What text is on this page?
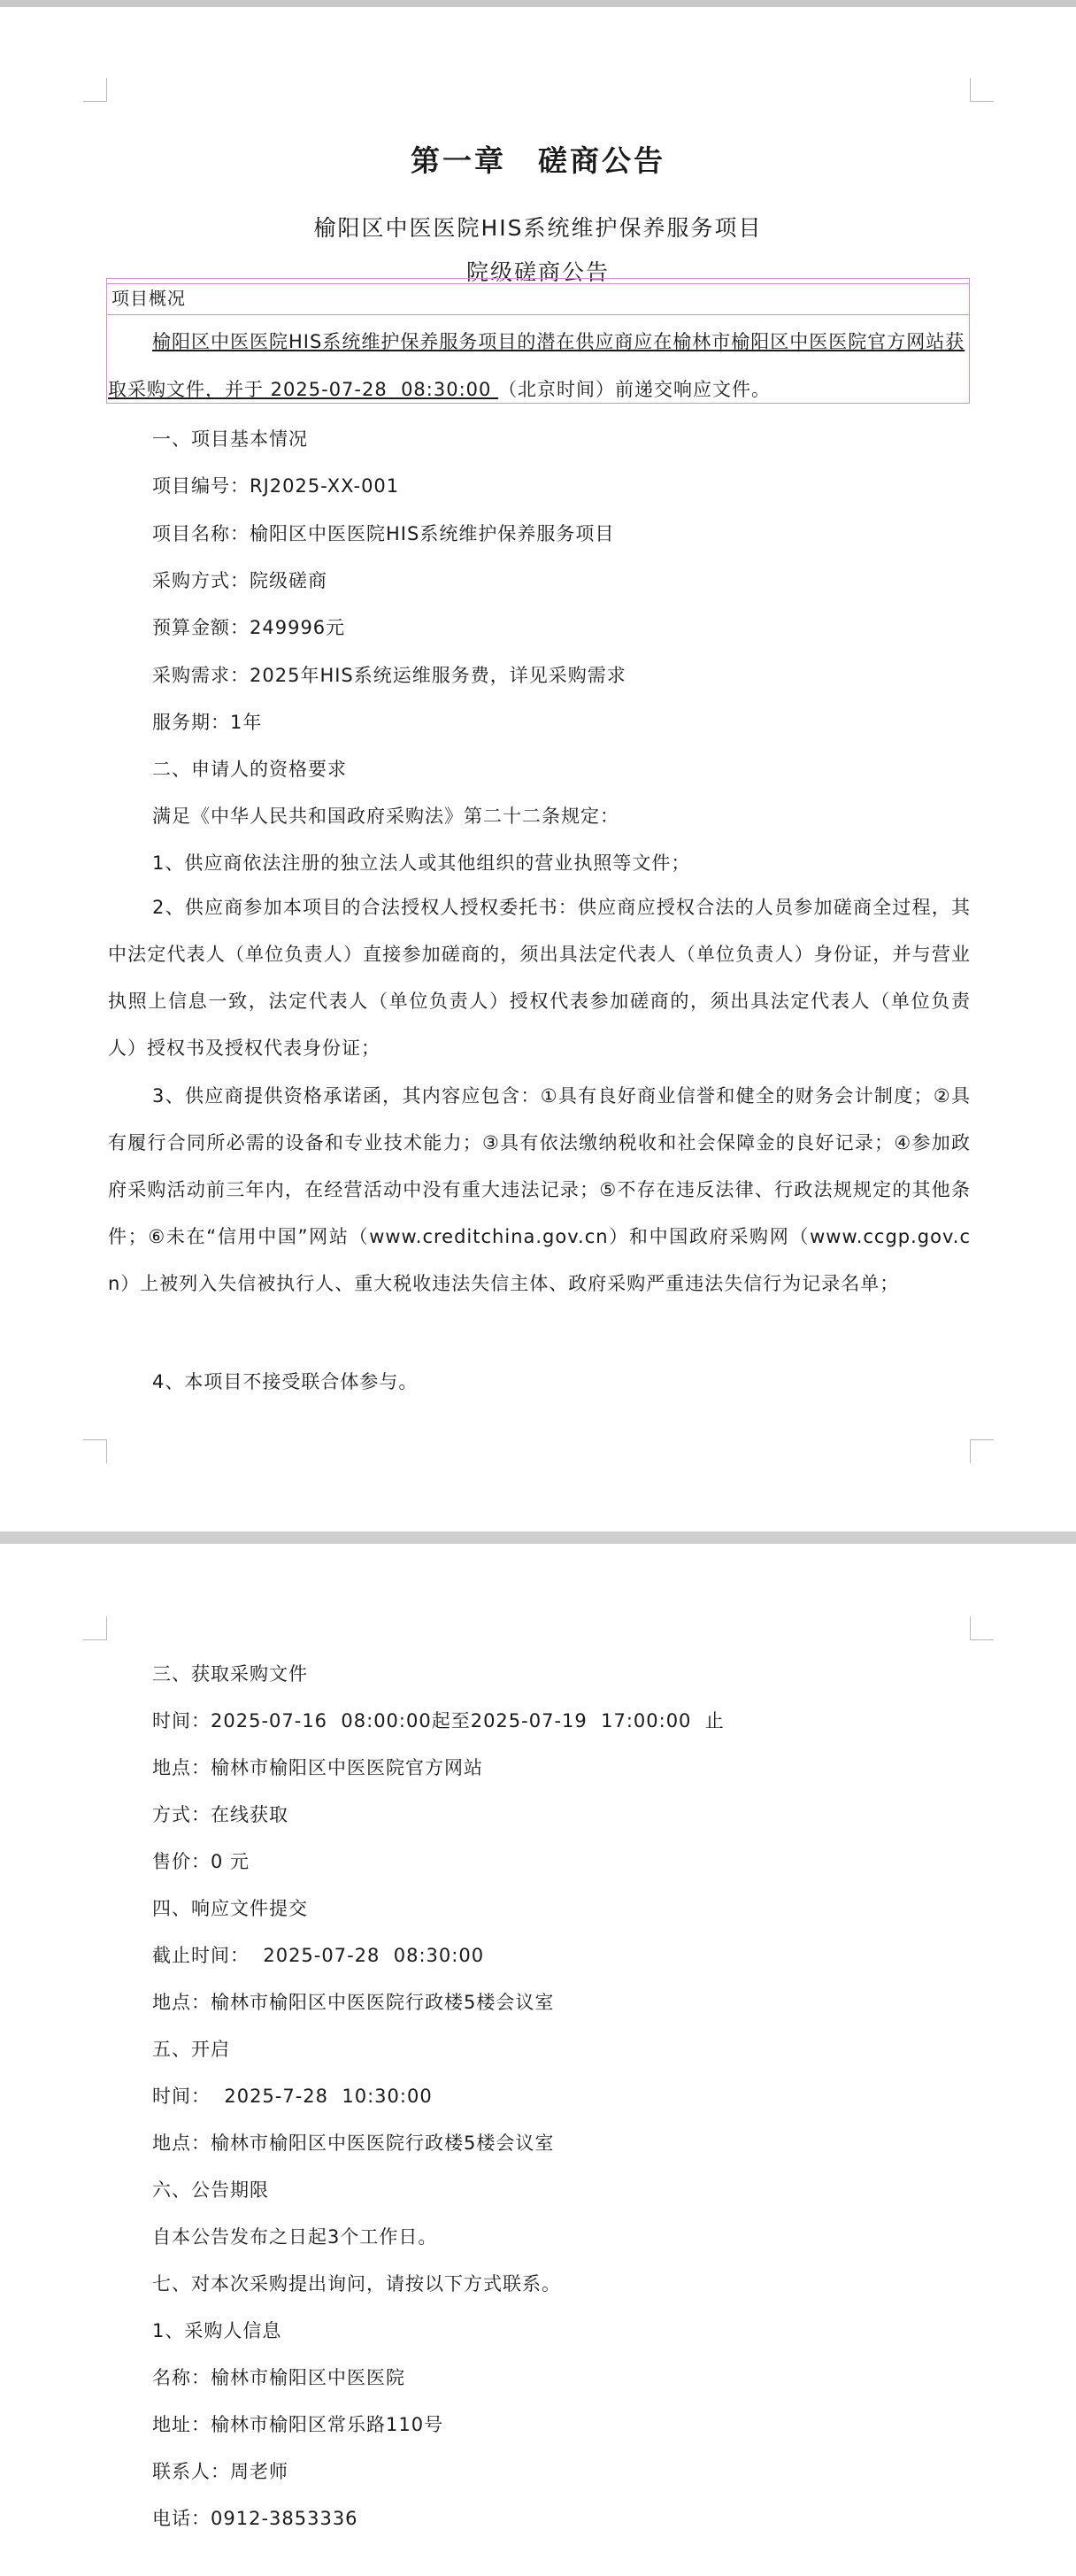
第一章　磋商公告
榆阳区中医医院HIS系统维护保养服务项目
院级磋商公告
项目概况
榆阳区中医医院HIS系统维护保养服务项目的潜在供应商应在榆林市榆阳区中医医院官方网站获
取采购文件，并于 2025-07-28  08:30:00 （北京时间）前递交响应文件。
一、项目基本情况
项目编号：RJ2025-XX-001
项目名称：榆阳区中医医院HIS系统维护保养服务项目
采购方式：院级磋商
预算金额：249996元
采购需求：2025年HIS系统运维服务费，详见采购需求
服务期：1年
二、申请人的资格要求
满足《中华人民共和国政府采购法》第二十二条规定：
1、供应商依法注册的独立法人或其他组织的营业执照等文件；
2、供应商参加本项目的合法授权人授权委托书：供应商应授权合法的人员参加磋商全过程，其中法定代表人（单位负责人）直接参加磋商的，须出具法定代表人（单位负责人）身份证，并与营业执照上信息一致，法定代表人（单位负责人）授权代表参加磋商的，须出具法定代表人（单位负责人）授权书及授权代表身份证；
3、供应商提供资格承诺函，其内容应包含：①具有良好商业信誉和健全的财务会计制度；②具有履行合同所必需的设备和专业技术能力；③具有依法缴纳税收和社会保障金的良好记录；④参加政府采购活动前三年内，在经营活动中没有重大违法记录；⑤不存在违反法律、行政法规规定的其他条件；⑥未在“信用中国”网站（www.creditchina.gov.cn）和中国政府采购网（www.ccgp.gov.cn）上被列入失信被执行人、重大税收违法失信主体、政府采购严重违法失信行为记录名单；
4、本项目不接受联合体参与。
三、获取采购文件
时间：2025-07-16  08:00:00起至2025-07-19  17:00:00  止
地点：榆林市榆阳区中医医院官方网站
方式：在线获取
售价：0 元
四、响应文件提交
截止时间：  2025-07-28  08:30:00
地点：榆林市榆阳区中医医院行政楼5楼会议室
五、开启
时间：  2025-7-28  10:30:00
地点：榆林市榆阳区中医医院行政楼5楼会议室
六、公告期限
自本公告发布之日起3个工作日。
七、对本次采购提出询问，请按以下方式联系。
1、采购人信息
名称：榆林市榆阳区中医医院
地址：榆林市榆阳区常乐路110号
联系人：周老师
电话：0912-3853336
